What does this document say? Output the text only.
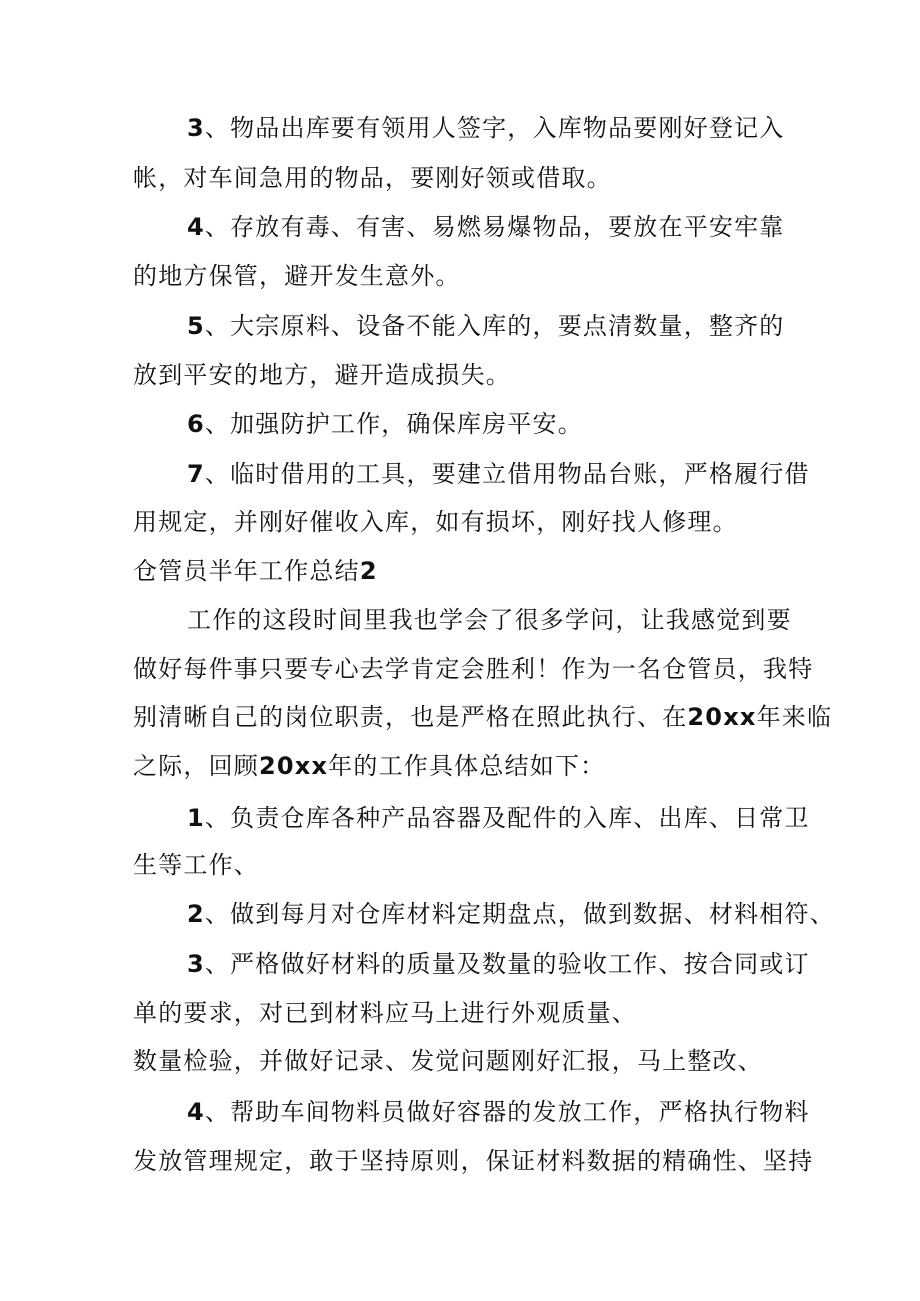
3、物品出库要有领用人签字，入库物品要刚好登记入
帐，对车间急用的物品，要刚好领或借取。
4、存放有毒、有害、易燃易爆物品，要放在平安牢靠
的地方保管，避开发生意外。
5、大宗原料、设备不能入库的，要点清数量，整齐的
放到平安的地方，避开造成损失。
6、加强防护工作，确保库房平安。
7、临时借用的工具，要建立借用物品台账，严格履行借
用规定，并刚好催收入库，如有损坏，刚好找人修理。
仓管员半年工作总结2
工作的这段时间里我也学会了很多学问，让我感觉到要
做好每件事只要专心去学肯定会胜利！作为一名仓管员，我特
别清晰自己的岗位职责，也是严格在照此执行、在20xx年来临
之际，回顾20xx年的工作具体总结如下：
1、负责仓库各种产品容器及配件的入库、出库、日常卫
生等工作、
2、做到每月对仓库材料定期盘点，做到数据、材料相符、
3、严格做好材料的质量及数量的验收工作、按合同或订
单的要求，对已到材料应马上进行外观质量、
数量检验，并做好记录、发觉问题刚好汇报，马上整改、
4、帮助车间物料员做好容器的发放工作，严格执行物料
发放管理规定，敢于坚持原则，保证材料数据的精确性、坚持
